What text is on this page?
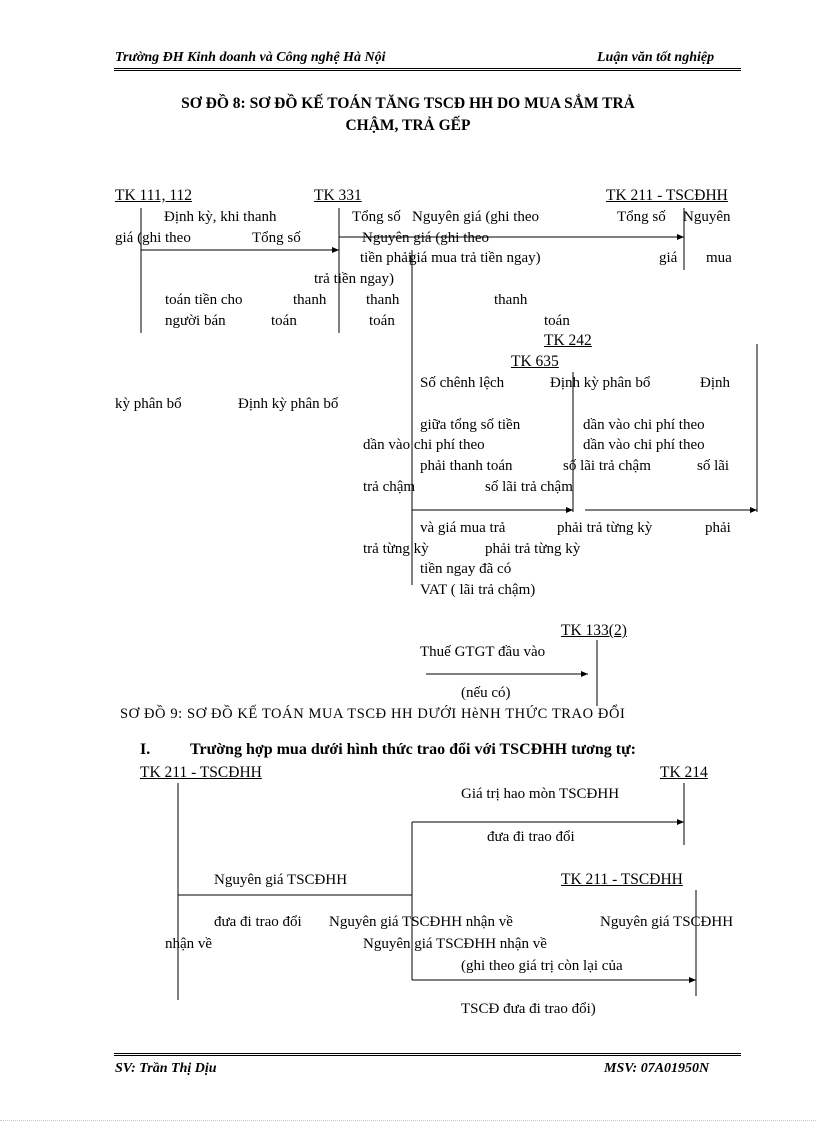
Trường ĐH Kinh doanh và Công nghệ Hà Nội	Luận văn tốt nghiệp
SƠ ĐỒ 8: SƠ ĐỒ KẾ TOÁN TĂNG TSCĐ HH DO MUA SẮM TRẢ
CHẬM, TRẢ GẾP
TK 111, 112	TK 331	TK 211 - TSCĐHH
TK 242
TK 635
TK 133(2)
Định kỳ, khi thanh	Tổng số Nguyên giá (ghi theo	Tổng số Nguyên
giá (ghi theo	Tổng số	Nguyên giá (ghi theo
tiền phải
giá mua trả tiền ngay)	giá mua
trả tiền ngay)
toán tiền cho	thanh	thanh	thanh
người bán	toán	toán	toán
Số chênh lệch	Định kỳ phân bổ	Định
kỳ phân bổ	Định kỳ phân bổ
giữa tổng số tiền	dần vào chi phí theo
dần vào chi phí theo	dần vào chi phí theo
phải thanh toán	số lãi trả chậm	số lãi
trả chậm	số lãi trả chậm
và giá mua trả	phải trả từng kỳ	phải
trả từng kỳ	phải trả từng kỳ
tiền ngay đã có
VAT ( lãi trả chậm)
Thuế GTGT đầu vào
(nếu có)
SƠ ĐỒ 9: SƠ ĐỒ KẾ TOÁN MUA TSCĐ HH DƯỚI HèNH THỨC TRAO ĐỔI
I. Trường hợp mua dưới hình thức trao đổi với TSCĐHH tương tự:
TK 211 - TSCĐHH	TK 214
TK 211 - TSCĐHH
Giá trị hao mòn TSCĐHH
đưa đi trao đổi
Nguyên giá TSCĐHH
đưa đi trao đổi Nguyên giá TSCĐHH nhận về	Nguyên giá TSCĐHH
nhận về	Nguyên giá TSCĐHH nhận về
(ghi theo giá trị còn lại của
TSCĐ đưa đi trao đổi)
SV: Trần Thị Dịu	MSV: 07A01950N
